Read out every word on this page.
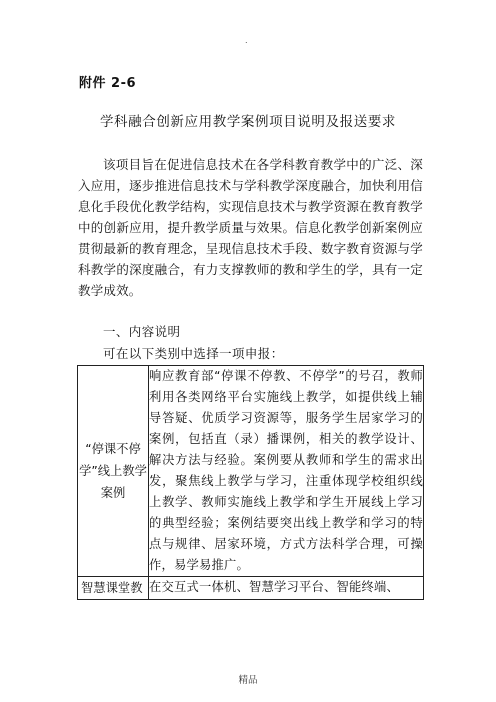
.
附件 2-6
学科融合创新应用教学案例项目说明及报送要求

该项目旨在促进信息技术在各学科教育教学中的广泛、深入应用，逐步推进信息技术与学科教学深度融合，加快利用信息化手段优化教学结构，实现信息技术与教学资源在教育教学中的创新应用，提升教学质量与效果。信息化教学创新案例应贯彻最新的教育理念，呈现信息技术手段、数字教育资源与学科教学的深度融合，有力支撑教师的教和学生的学，具有一定教学成效。

一、内容说明
可在以下类别中选择一项申报：
“停课不停学”线上教学案例	响应教育部“停课不停教、不停学”的号召，教师利用各类网络平台实施线上教学，如提供线上辅导答疑、优质学习资源等，服务学生居家学习的案例，包括直（录）播课例，相关的教学设计、解决方法与经验。案例要从教师和学生的需求出发，聚焦线上教学与学习，注重体现学校组织线上教学、教师实施线上教学和学生开展线上学习的典型经验；案例结要突出线上教学和学习的特点与规律、居家环境，方式方法科学合理，可操作，易学易推广。
智慧课堂教	在交互式一体机、智慧学习平台、智能终端、
精品
